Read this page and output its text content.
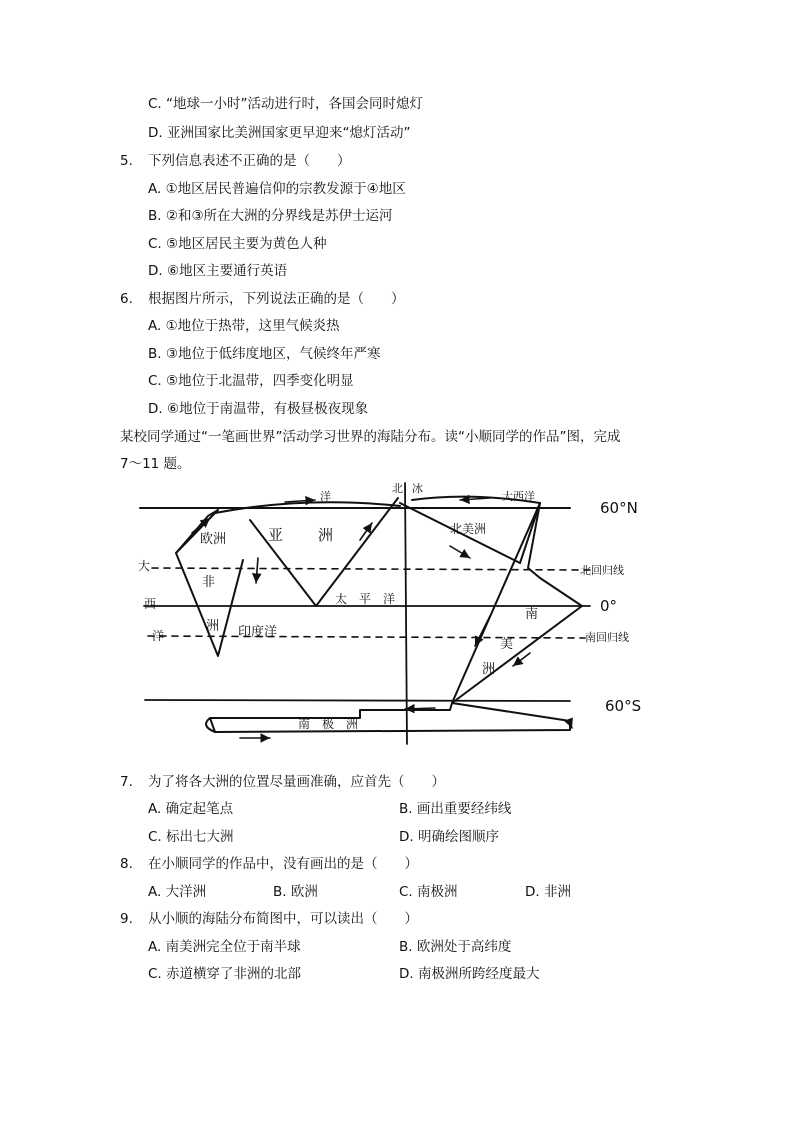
C. “地球一小时”活动进行时，各国会同时熄灯
D. 亚洲国家比美洲国家更早迎来“熄灯活动”
5. 下列信息表述不正确的是（　　）
A. ①地区居民普遍信仰的宗教发源于④地区
B. ②和③所在大洲的分界线是苏伊士运河
C. ⑤地区居民主要为黄色人种
D. ⑥地区主要通行英语
6. 根据图片所示，下列说法正确的是（　　）
A. ①地位于热带，这里气候炎热
B. ③地位于低纬度地区，气候终年严寒
C. ⑤地位于北温带，四季变化明显
D. ⑥地位于南温带，有极昼极夜现象
某校同学通过“一笔画世界”活动学习世界的海陆分布。读“小顺同学的作品”图，完成
7～11 题。
60°N
0°
60°S
北回归线
南回归线
欧洲	亚 洲
非
洲 印度洋
大
西
洋
太　平　洋
北美洲
南
美
洲
南　极　洲
北 冰
洋	大西洋
7. 为了将各大洲的位置尽量画准确，应首先（　　）
A. 确定起笔点	B. 画出重要经纬线
C. 标出七大洲	D. 明确绘图顺序
8. 在小顺同学的作品中，没有画出的是（　　）
A. 大洋洲	B. 欧洲	C. 南极洲	D. 非洲
9. 从小顺的海陆分布简图中，可以读出（　　）
A. 南美洲完全位于南半球	B. 欧洲处于高纬度
C. 赤道横穿了非洲的北部	D. 南极洲所跨经度最大
